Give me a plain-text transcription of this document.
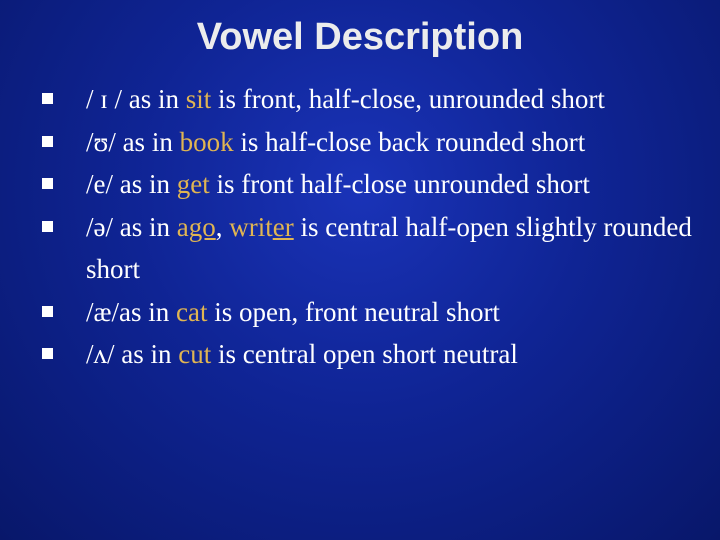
Vowel Description
/ ɪ / as in sit is front, half-close, unrounded short
/ʊ/ as in book is half-close back rounded short
/e/ as in get is front half-close unrounded short
/ə/ as in ago, writer is central half-open slightly rounded short
/æ/as in cat is open, front neutral short
/ʌ/ as in cut is central open short neutral
